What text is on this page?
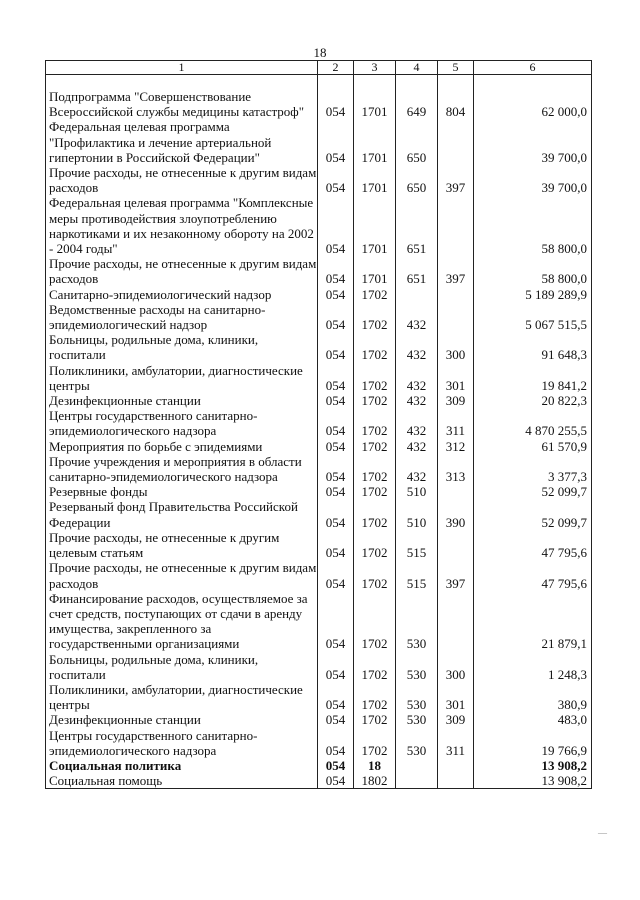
18
1	2	3	4	5	6

Подпрограмма "Совершенствование Всероссийской службы медицины катастроф"	054	1701	649	804	62 000,0
Федеральная целевая программа "Профилактика и лечение артериальной гипертонии в Российской Федерации"	054	1701	650		39 700,0
Прочие расходы, не отнесенные к другим видам расходов	054	1701	650	397	39 700,0
Федеральная целевая программа "Комплексные меры противодействия злоупотреблению наркотиками и их незаконному обороту на 2002 - 2004 годы"	054	1701	651		58 800,0
Прочие расходы, не отнесенные к другим видам расходов	054	1701	651	397	58 800,0
Санитарно-эпидемиологический надзор	054	1702			5 189 289,9
Ведомственные расходы на санитарно-эпидемиологический надзор	054	1702	432		5 067 515,5
Больницы, родильные дома, клиники, госпитали	054	1702	432	300	91 648,3
Поликлиники, амбулатории, диагностические центры	054	1702	432	301	19 841,2
Дезинфекционные станции	054	1702	432	309	20 822,3
Центры государственного санитарно-эпидемиологического надзора	054	1702	432	311	4 870 255,5
Мероприятия по борьбе с эпидемиями	054	1702	432	312	61 570,9
Прочие учреждения и мероприятия в области санитарно-эпидемиологического надзора	054	1702	432	313	3 377,3
Резервные фонды	054	1702	510		52 099,7
Резерваный фонд Правительства Российской Федерации	054	1702	510	390	52 099,7
Прочие расходы, не отнесенные к другим целевым статьям	054	1702	515		47 795,6
Прочие расходы, не отнесенные к другим видам расходов	054	1702	515	397	47 795,6
Финансирование расходов, осуществляемое за счет средств, поступающих от сдачи в аренду имущества, закрепленного за государственными организациями	054	1702	530		21 879,1
Больницы, родильные дома, клиники, госпитали	054	1702	530	300	1 248,3
Поликлиники, амбулатории, диагностические центры	054	1702	530	301	380,9
Дезинфекционные станции	054	1702	530	309	483,0
Центры государственного санитарно-эпидемиологического надзора	054	1702	530	311	19 766,9
Социальная политика	054	18			13 908,2
Социальная помощь	054	1802			13 908,2
—
